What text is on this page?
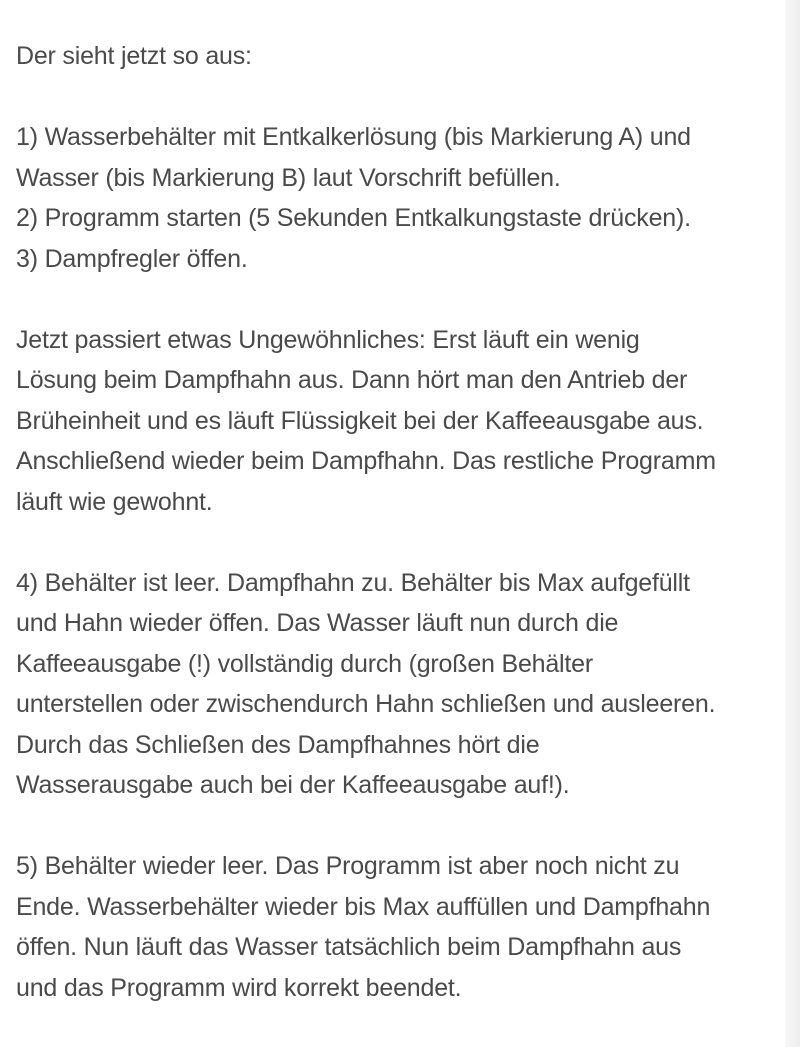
Der sieht jetzt so aus:

1) Wasserbehälter mit Entkalkerlösung (bis Markierung A) und
Wasser (bis Markierung B) laut Vorschrift befüllen.
2) Programm starten (5 Sekunden Entkalkungstaste drücken).
3) Dampfregler öffen.

Jetzt passiert etwas Ungewöhnliches: Erst läuft ein wenig
Lösung beim Dampfhahn aus. Dann hört man den Antrieb der
Brüheinheit und es läuft Flüssigkeit bei der Kaffeeausgabe aus.
Anschließend wieder beim Dampfhahn. Das restliche Programm
läuft wie gewohnt.

4) Behälter ist leer. Dampfhahn zu. Behälter bis Max aufgefüllt
und Hahn wieder öffen. Das Wasser läuft nun durch die
Kaffeeausgabe (!) vollständig durch (großen Behälter
unterstellen oder zwischendurch Hahn schließen und ausleeren.
Durch das Schließen des Dampfhahnes hört die
Wasserausgabe auch bei der Kaffeeausgabe auf!).

5) Behälter wieder leer. Das Programm ist aber noch nicht zu
Ende. Wasserbehälter wieder bis Max auffüllen und Dampfhahn
öffen. Nun läuft das Wasser tatsächlich beim Dampfhahn aus
und das Programm wird korrekt beendet.
